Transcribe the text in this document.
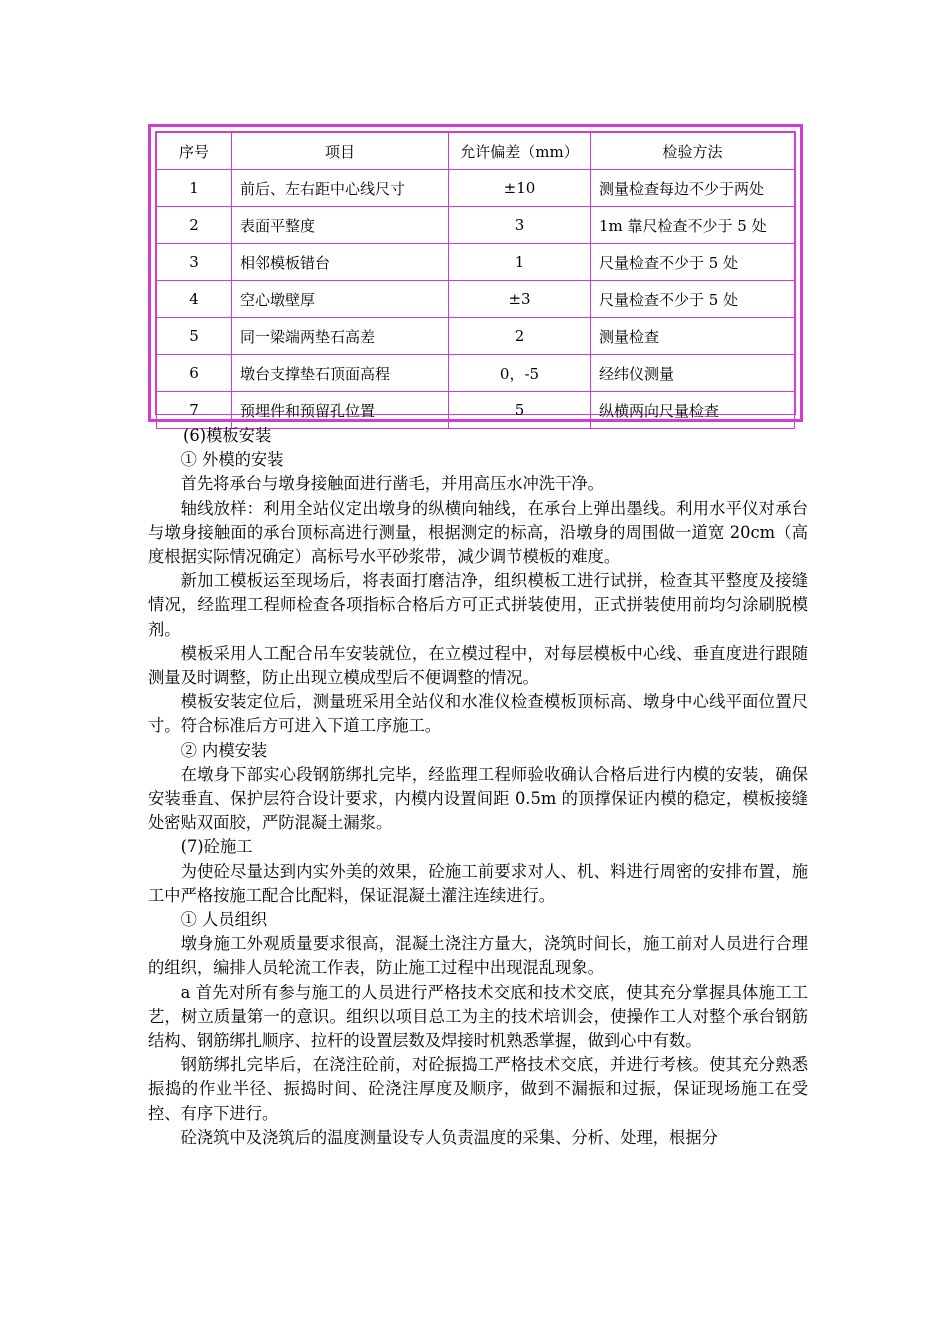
序号	项目	允许偏差（mm）	检验方法
1	前后、左右距中心线尺寸	±10	测量检查每边不少于两处
2	表面平整度	3	1m 靠尺检查不少于 5 处
3	相邻模板错台	1	尺量检查不少于 5 处
4	空心墩壁厚	±3	尺量检查不少于 5 处
5	同一梁端两垫石高差	2	测量检查
6	墩台支撑垫石顶面高程	0，-5	经纬仪测量
7	预埋件和预留孔位置	5	纵横两向尺量检查

(6)模板安装

① 外模的安装

首先将承台与墩身接触面进行凿毛，并用高压水冲洗干净。

轴线放样：利用全站仪定出墩身的纵横向轴线，在承台上弹出墨线。利用水平仪对承台与墩身接触面的承台顶标高进行测量，根据测定的标高，沿墩身的周围做一道宽 20cm（高度根据实际情况确定）高标号水平砂浆带，减少调节模板的难度。

新加工模板运至现场后，将表面打磨洁净，组织模板工进行试拼，检查其平整度及接缝情况，经监理工程师检查各项指标合格后方可正式拼装使用，正式拼装使用前均匀涂刷脱模剂。

模板采用人工配合吊车安装就位，在立模过程中，对每层模板中心线、垂直度进行跟随测量及时调整，防止出现立模成型后不便调整的情况。

模板安装定位后，测量班采用全站仪和水准仪检查模板顶标高、墩身中心线平面位置尺寸。符合标准后方可进入下道工序施工。

② 内模安装

在墩身下部实心段钢筋绑扎完毕，经监理工程师验收确认合格后进行内模的安装，确保安装垂直、保护层符合设计要求，内模内设置间距 0.5m 的顶撑保证内模的稳定，模板接缝处密贴双面胶，严防混凝土漏浆。

(7)砼施工

为使砼尽量达到内实外美的效果，砼施工前要求对人、机、料进行周密的安排布置，施工中严格按施工配合比配料，保证混凝土灌注连续进行。

① 人员组织

墩身施工外观质量要求很高，混凝土浇注方量大，浇筑时间长，施工前对人员进行合理的组织，编排人员轮流工作表，防止施工过程中出现混乱现象。

a 首先对所有参与施工的人员进行严格技术交底和技术交底，使其充分掌握具体施工工艺，树立质量第一的意识。组织以项目总工为主的技术培训会，使操作工人对整个承台钢筋结构、钢筋绑扎顺序、拉杆的设置层数及焊接时机熟悉掌握，做到心中有数。

钢筋绑扎完毕后，在浇注砼前，对砼振捣工严格技术交底，并进行考核。使其充分熟悉振捣的作业半径、振捣时间、砼浇注厚度及顺序，做到不漏振和过振，保证现场施工在受控、有序下进行。

砼浇筑中及浇筑后的温度测量设专人负责温度的采集、分析、处理，根据分
